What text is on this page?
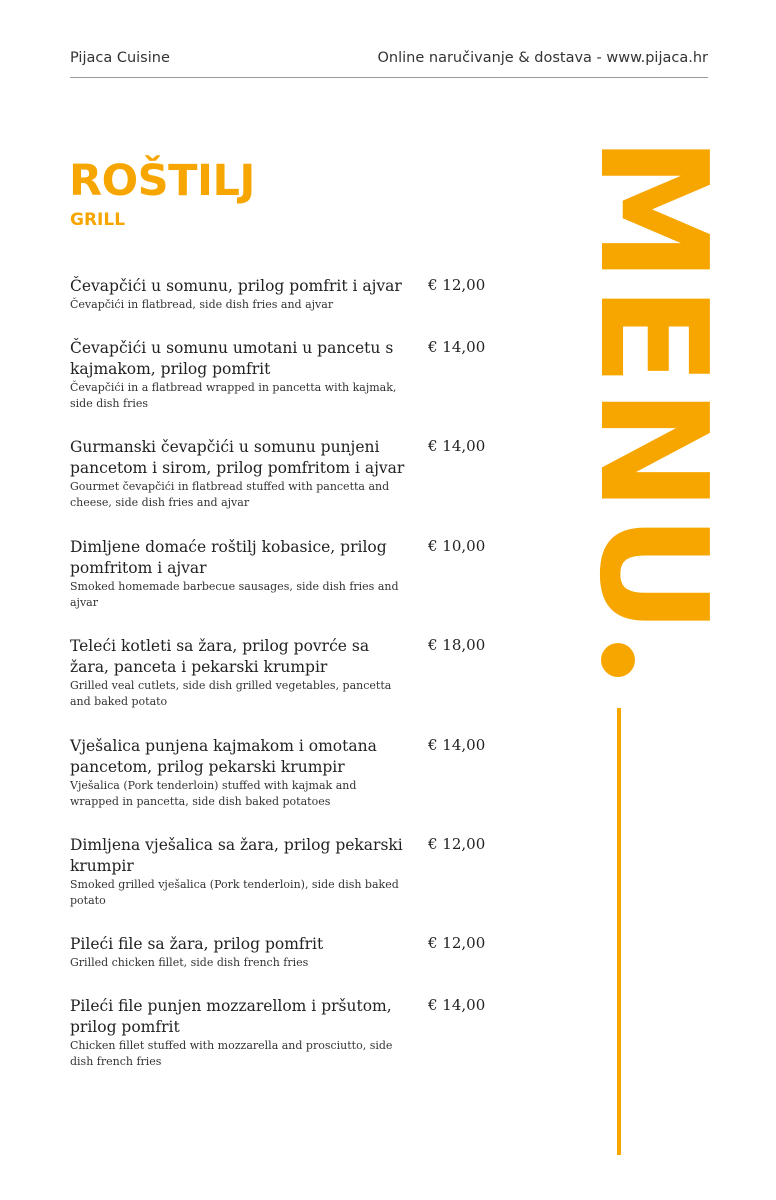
Pijaca Cuisine	Online naručivanje & dostava - www.pijaca.hr
ROŠTILJ
GRILL
Čevapčići u somunu, prilog pomfrit i ajvar
Čevapčići in flatbread, side dish fries and ajvar
€ 12,00
Čevapčići u somunu umotani u pancetu s kajmakom, prilog pomfrit
Čevapčići in a flatbread wrapped in pancetta with kajmak, side dish fries
€ 14,00
Gurmanski čevapčići u somunu punjeni pancetom i sirom, prilog pomfritom i ajvar
Gourmet čevapčići in flatbread stuffed with pancetta and cheese, side dish fries and ajvar
€ 14,00
Dimljene domaće roštilj kobasice, prilog pomfritom i ajvar
Smoked homemade barbecue sausages, side dish fries and ajvar
€ 10,00
Teleći kotleti sa žara, prilog povrće sa žara, panceta i pekarski krumpir
Grilled veal cutlets, side dish grilled vegetables, pancetta and baked potato
€ 18,00
Vješalica punjena kajmakom i omotana pancetom, prilog pekarski krumpir
Vješalica (Pork tenderloin) stuffed with kajmak and wrapped in pancetta, side dish baked potatoes
€ 14,00
Dimljena vješalica sa žara, prilog pekarski krumpir
Smoked grilled vješalica (Pork tenderloin), side dish baked potato
€ 12,00
Pileći file sa žara, prilog pomfrit
Grilled chicken fillet, side dish french fries
€ 12,00
Pileći file punjen mozzarellom i pršutom, prilog pomfrit
Chicken fillet stuffed with mozzarella and prosciutto, side dish french fries
€ 14,00
MENU
